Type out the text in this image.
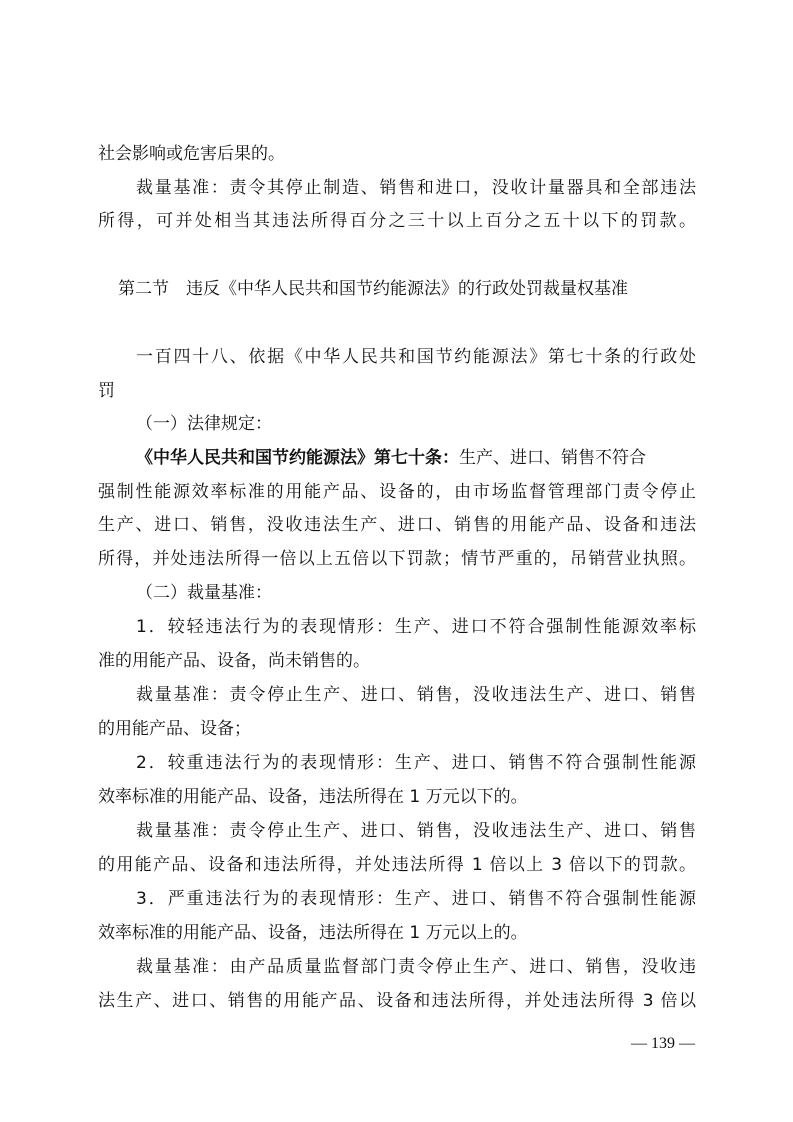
社会影响或危害后果的。
裁量基准：责令其停止制造、销售和进口，没收计量器具和全部违法
所得，可并处相当其违法所得百分之三十以上百分之五十以下的罚款。
第二节　违反《中华人民共和国节约能源法》的行政处罚裁量权基准
一百四十八、依据《中华人民共和国节约能源法》第七十条的行政处
罚
（一）法律规定：
《中华人民共和国节约能源法》第七十条：生产、进口、销售不符合
强制性能源效率标准的用能产品、设备的，由市场监督管理部门责令停止
生产、进口、销售，没收违法生产、进口、销售的用能产品、设备和违法
所得，并处违法所得一倍以上五倍以下罚款；情节严重的，吊销营业执照。
（二）裁量基准：
1．较轻违法行为的表现情形：生产、进口不符合强制性能源效率标
准的用能产品、设备，尚未销售的。
裁量基准：责令停止生产、进口、销售，没收违法生产、进口、销售
的用能产品、设备；
2．较重违法行为的表现情形：生产、进口、销售不符合强制性能源
效率标准的用能产品、设备，违法所得在 1 万元以下的。
裁量基准：责令停止生产、进口、销售，没收违法生产、进口、销售
的用能产品、设备和违法所得，并处违法所得 1 倍以上 3 倍以下的罚款。
3．严重违法行为的表现情形：生产、进口、销售不符合强制性能源
效率标准的用能产品、设备，违法所得在 1 万元以上的。
裁量基准：由产品质量监督部门责令停止生产、进口、销售，没收违
法生产、进口、销售的用能产品、设备和违法所得，并处违法所得 3 倍以
— 139 —
